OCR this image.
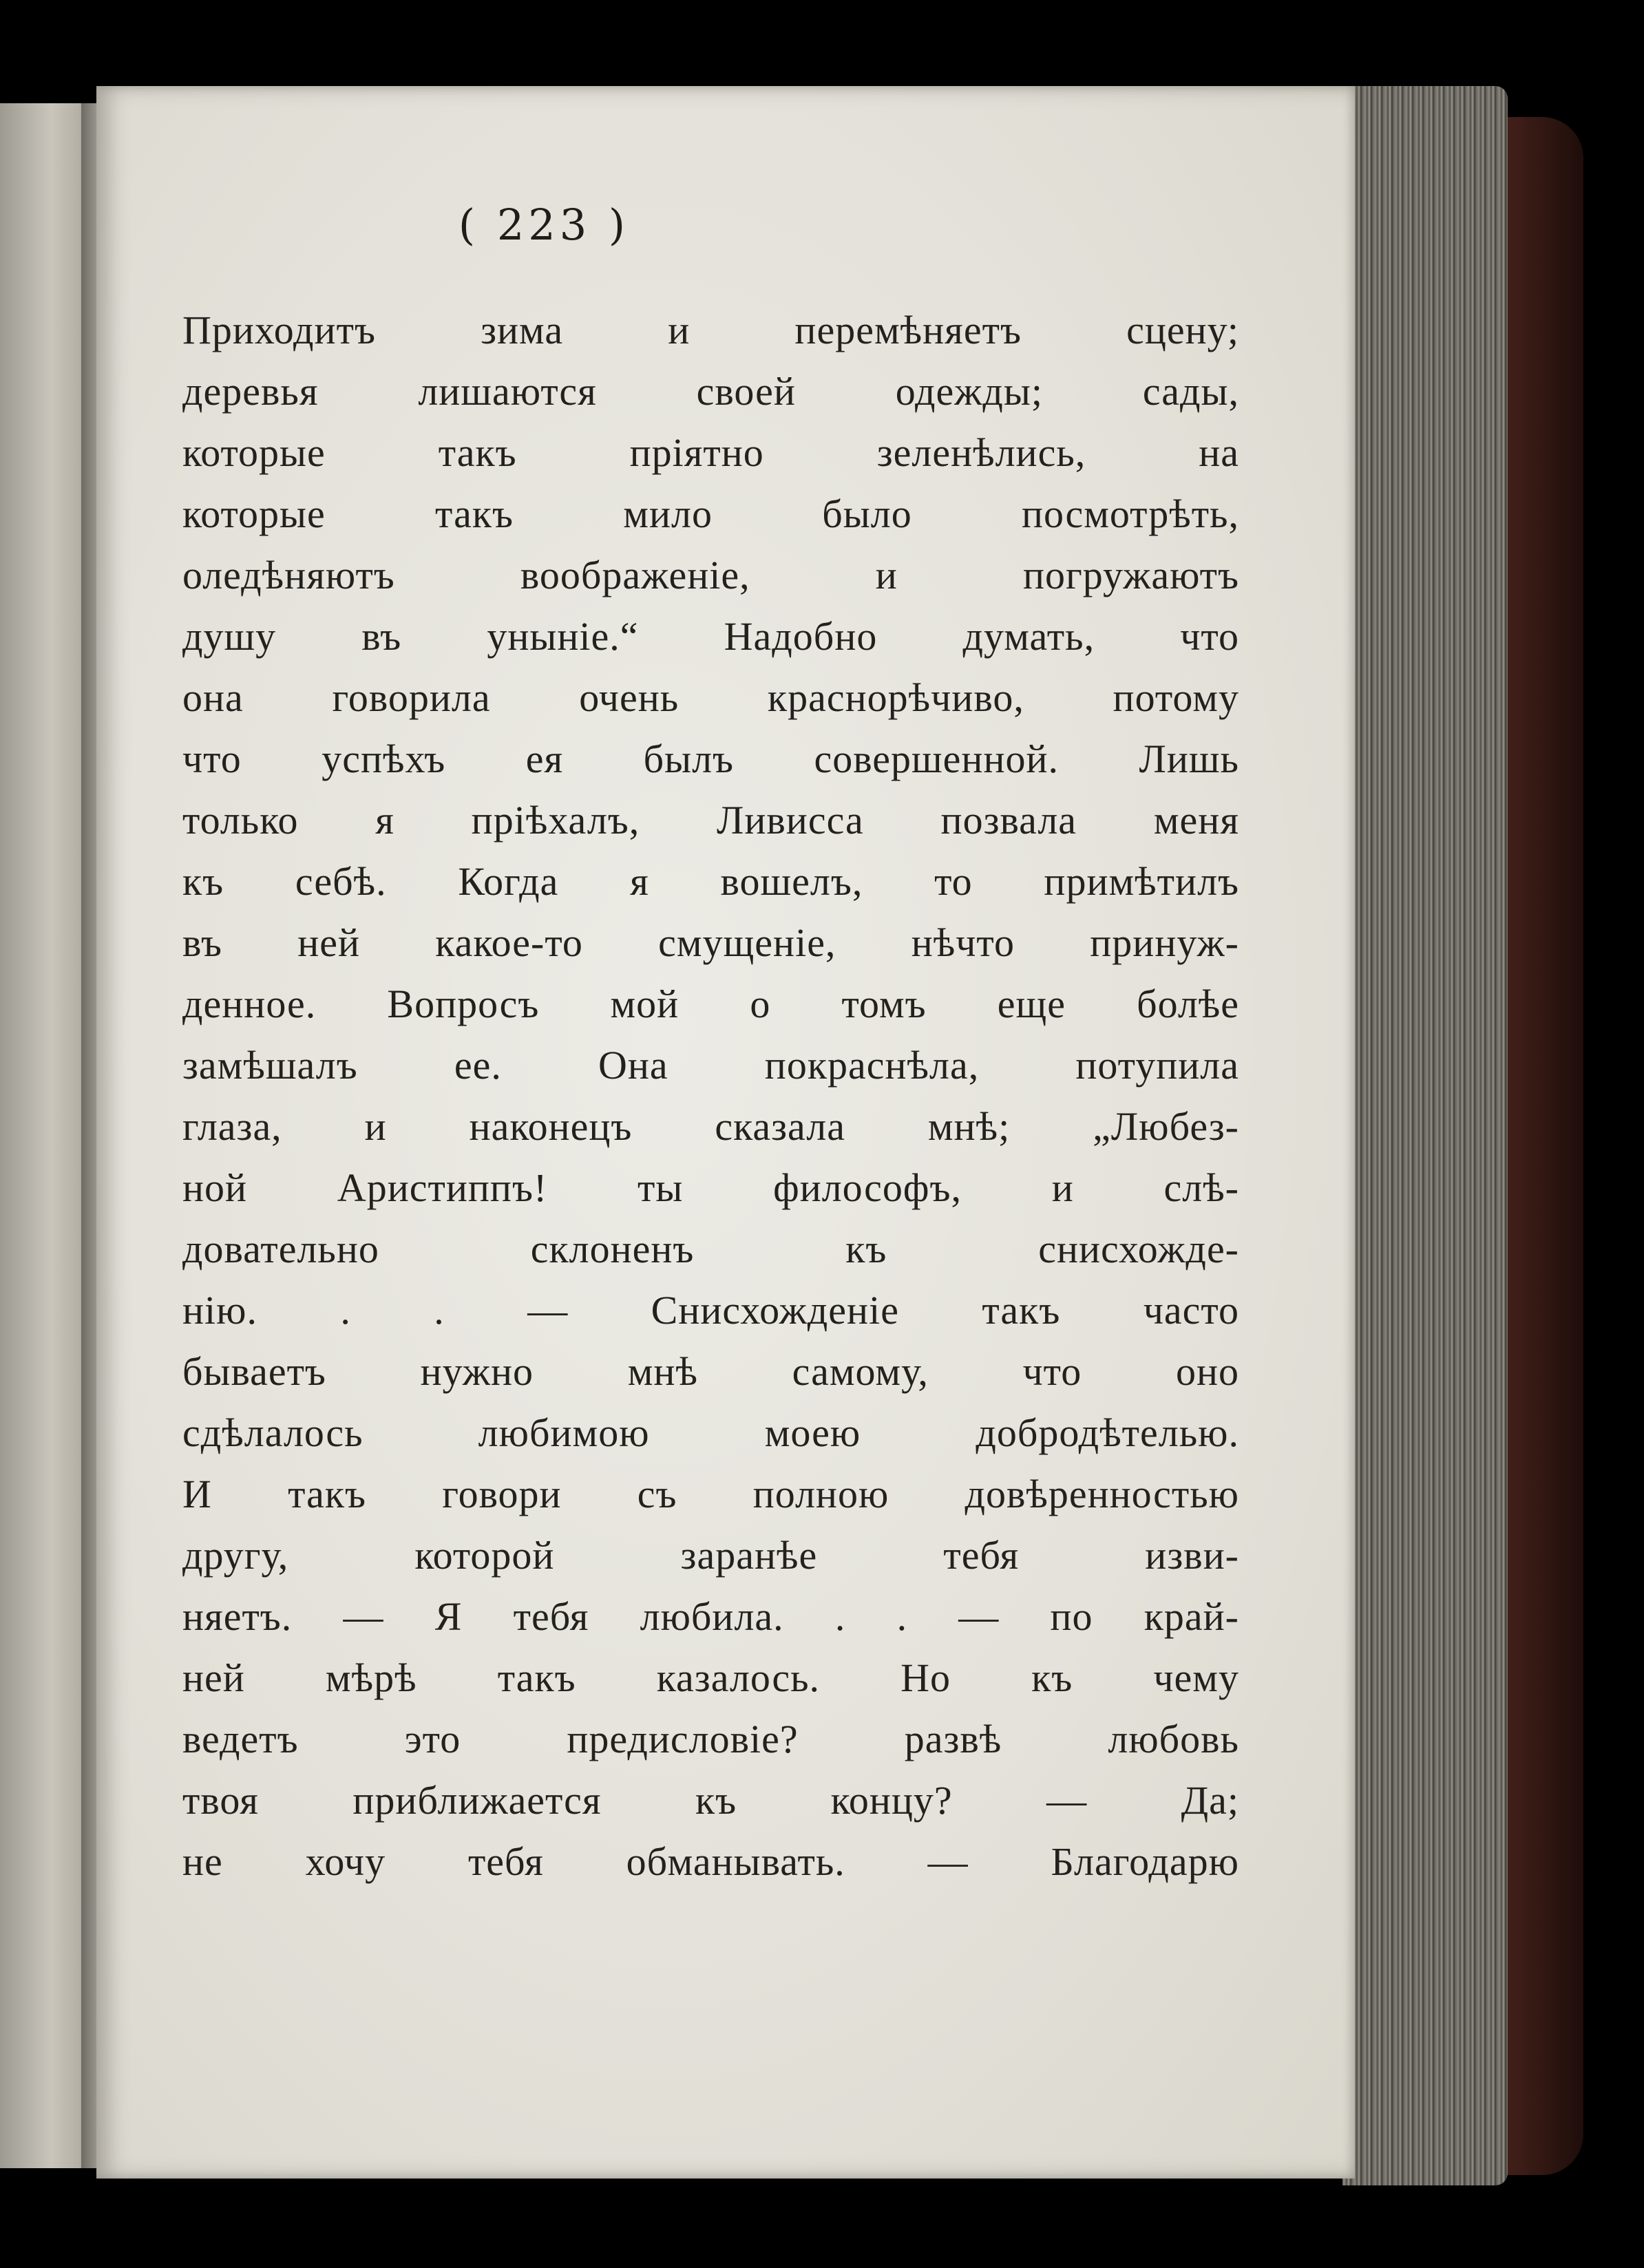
( 223 )
Приходитъ зима и перемѣняетъ сцену;
деревья лишаются своей одежды; сады,
которые такъ пріятно зеленѣлись, на
которые такъ мило было посмотрѣть,
оледѣняютъ воображеніе, и погружаютъ
душу въ уныніе.“ Надобно думать, что
она говорила очень краснорѣчиво, потому
что успѣхъ ея былъ совершенной. Лишь
только я пріѣхалъ, Ливисса позвала меня
къ себѣ. Когда я вошелъ, то примѣтилъ
въ ней какое-то смущеніе, нѣчто принуж-
денное. Вопросъ мой о томъ еще болѣе
замѣшалъ ее. Она покраснѣла, потупила
глаза, и наконецъ сказала мнѣ; „Любез-
ной Аристиппъ! ты философъ, и слѣ-
довательно склоненъ къ снисхожде-
нію. . . — Снисхожденіе такъ часто
бываетъ нужно мнѣ самому, что оно
сдѣлалось любимою моею добродѣтелью.
И такъ говори съ полною довѣренностью
другу, которой заранѣе тебя изви-
няетъ. — Я тебя любила. . . — по край-
ней мѣрѣ такъ казалось. Но къ чему
ведетъ это предисловіе? развѣ любовь
твоя приближается къ концу? — Да;
не хочу тебя обманывать. — Благодарю
